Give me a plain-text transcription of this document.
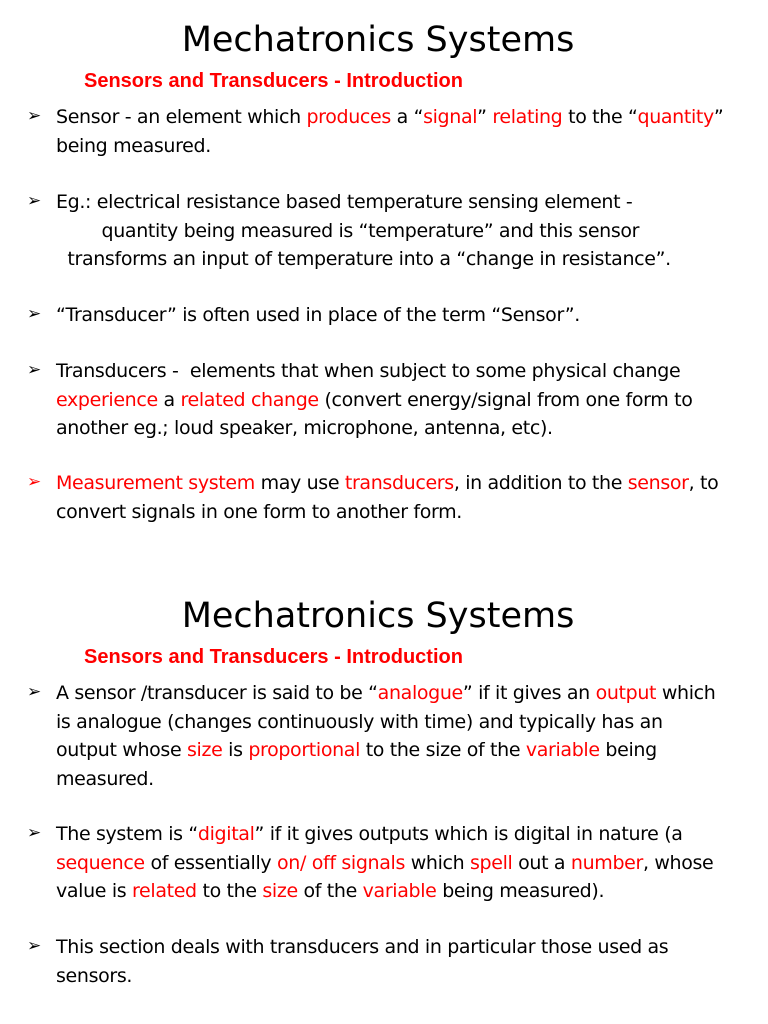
Mechatronics Systems
Sensors and Transducers - Introduction
➢ Sensor - an element which produces a “signal” relating to the “quantity”
being measured.
➢ Eg.: electrical resistance based temperature sensing element -
quantity being measured is “temperature” and this sensor
transforms an input of temperature into a “change in resistance”.
➢ “Transducer” is often used in place of the term “Sensor”.
➢ Transducers -  elements that when subject to some physical change
experience a related change (convert energy/signal from one form to
another eg.; loud speaker, microphone, antenna, etc).
➢ Measurement system may use transducers, in addition to the sensor, to
convert signals in one form to another form.
Mechatronics Systems
Sensors and Transducers - Introduction
➢ A sensor /transducer is said to be “analogue” if it gives an output which
is analogue (changes continuously with time) and typically has an
output whose size is proportional to the size of the variable being
measured.
➢ The system is “digital” if it gives outputs which is digital in nature (a
sequence of essentially on/ off signals which spell out a number, whose
value is related to the size of the variable being measured).
➢ This section deals with transducers and in particular those used as
sensors.
